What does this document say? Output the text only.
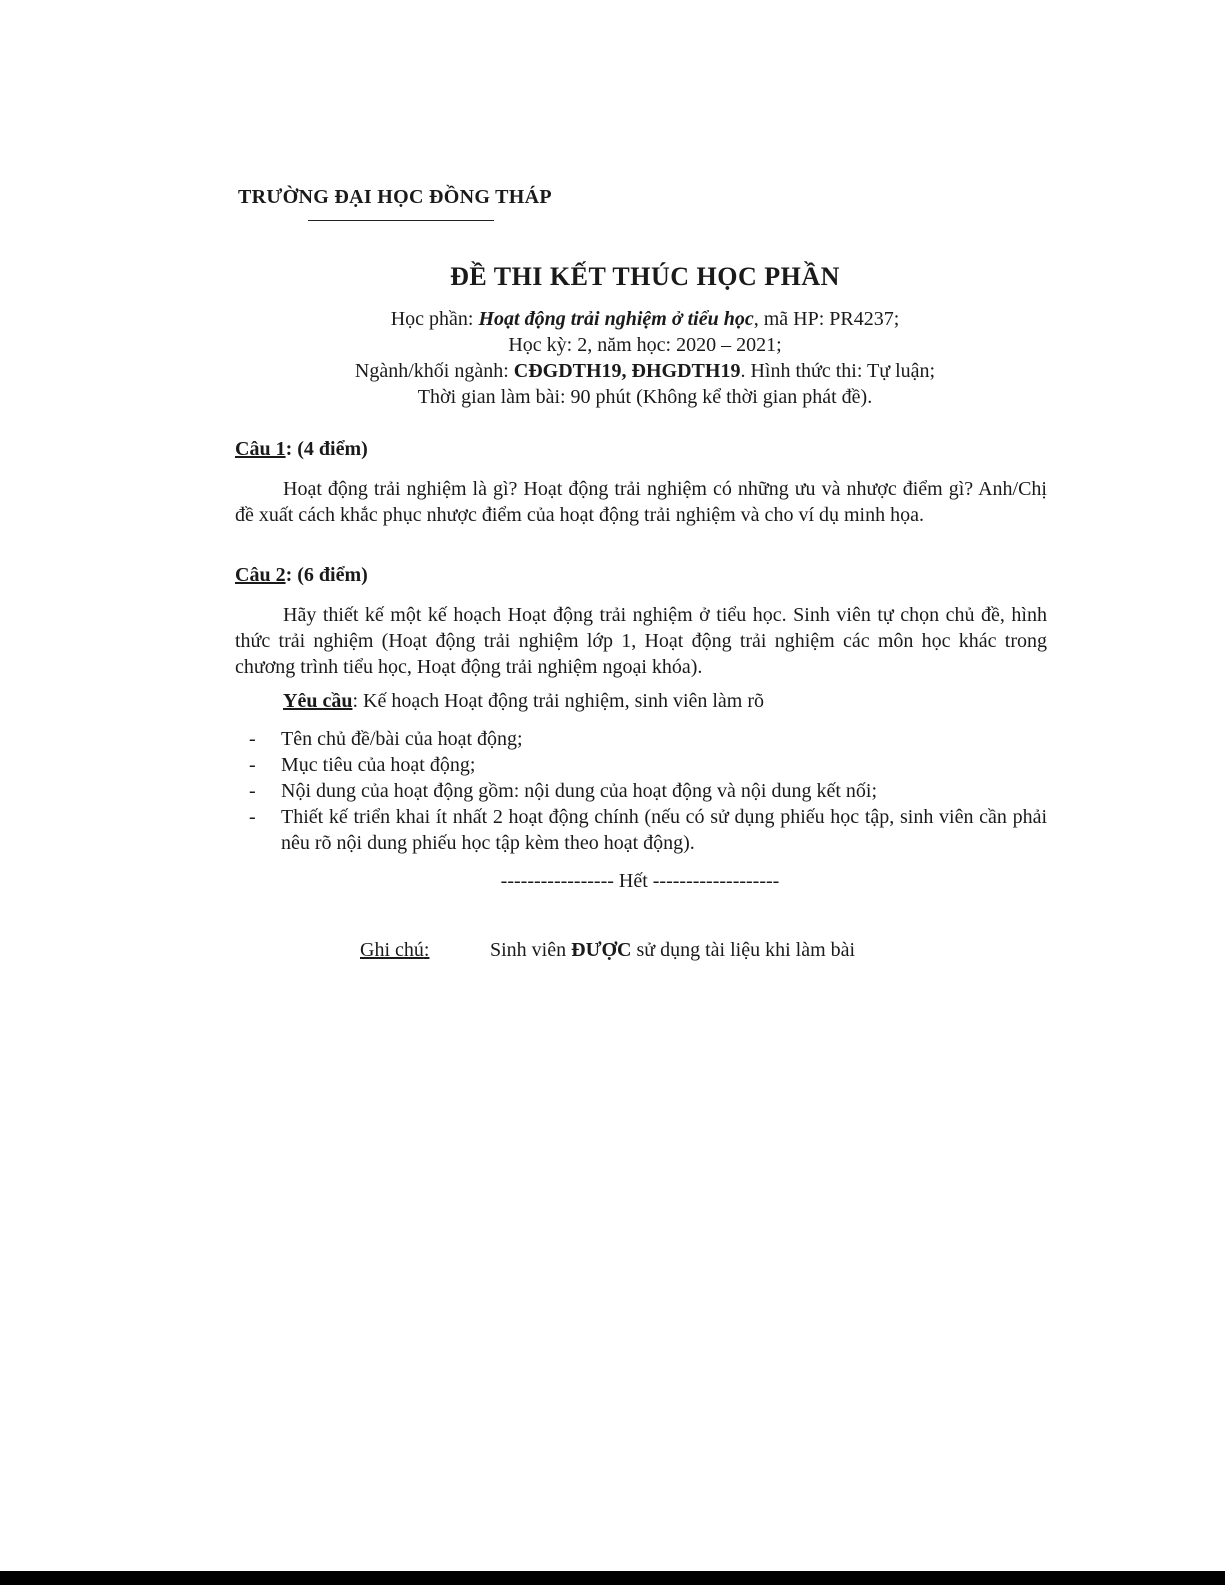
TRƯỜNG ĐẠI HỌC ĐỒNG THÁP
ĐỀ THI KẾT THÚC HỌC PHẦN
Học phần: Hoạt động trải nghiệm ở tiểu học, mã HP: PR4237;
Học kỳ: 2, năm học: 2020 – 2021;
Ngành/khối ngành: CĐGDTH19, ĐHGDTH19. Hình thức thi: Tự luận;
Thời gian làm bài: 90 phút (Không kể thời gian phát đề).
Câu 1: (4 điểm)
Hoạt động trải nghiệm là gì? Hoạt động trải nghiệm có những ưu và nhược điểm gì? Anh/Chị đề xuất cách khắc phục nhược điểm của hoạt động trải nghiệm và cho ví dụ minh họa.
Câu 2: (6 điểm)
Hãy thiết kế một kế hoạch Hoạt động trải nghiệm ở tiểu học. Sinh viên tự chọn chủ đề, hình thức trải nghiệm (Hoạt động trải nghiệm lớp 1, Hoạt động trải nghiệm các môn học khác trong chương trình tiểu học, Hoạt động trải nghiệm ngoại khóa).
Yêu cầu: Kế hoạch Hoạt động trải nghiệm, sinh viên làm rõ
- Tên chủ đề/bài của hoạt động;
- Mục tiêu của hoạt động;
- Nội dung của hoạt động gồm: nội dung của hoạt động và nội dung kết nối;
- Thiết kế triển khai ít nhất 2 hoạt động chính (nếu có sử dụng phiếu học tập, sinh viên cần phải nêu rõ nội dung phiếu học tập kèm theo hoạt động).
----------------- Hết -------------------
Ghi chú:	Sinh viên ĐƯỢC sử dụng tài liệu khi làm bài
